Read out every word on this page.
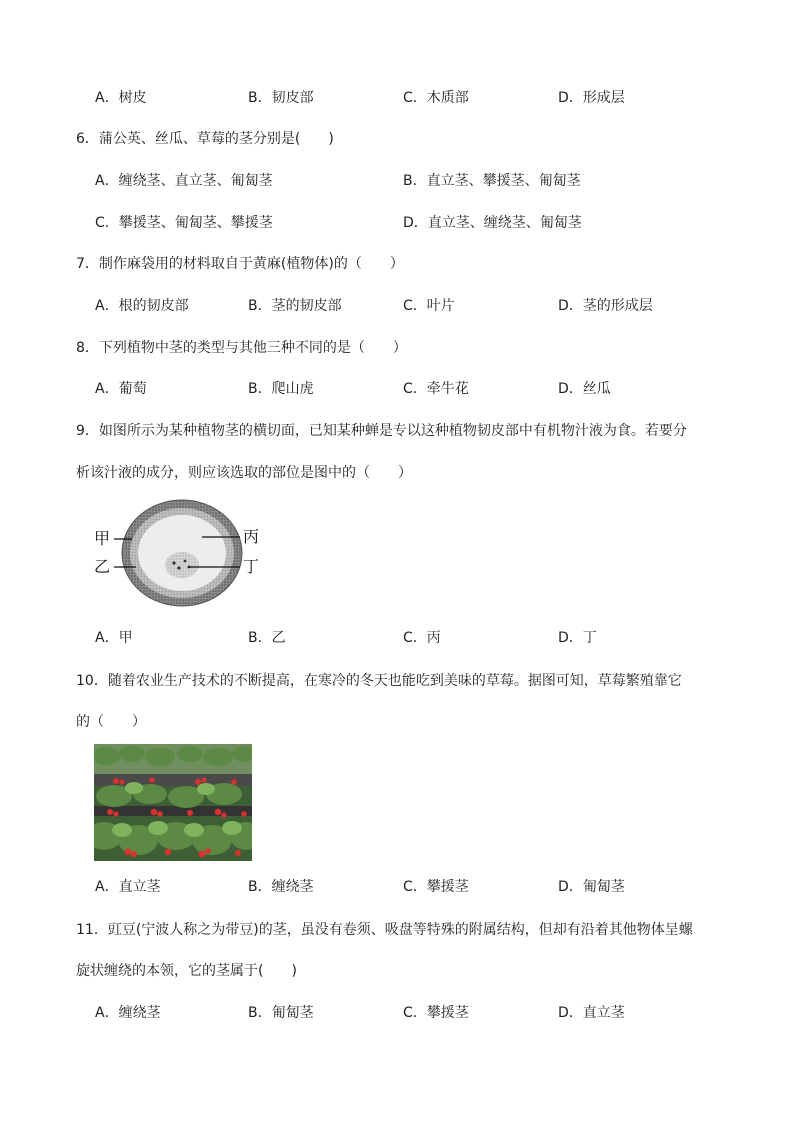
A．树皮	B．韧皮部	C．木质部	D．形成层
6．蒲公英、丝瓜、草莓的茎分别是(　　)
A．缠绕茎、直立茎、匍匐茎	B．直立茎、攀援茎、匍匐茎
C．攀援茎、匍匐茎、攀援茎	D．直立茎、缠绕茎、匍匐茎
7．制作麻袋用的材料取自于黄麻(植物体)的（　　）
A．根的韧皮部	B．茎的韧皮部	C．叶片	D．茎的形成层
8．下列植物中茎的类型与其他三种不同的是（　　）
A．葡萄	B．爬山虎	C．牵牛花	D．丝瓜
9．如图所示为某种植物茎的横切面，已知某种蝉是专以这种植物韧皮部中有机物汁液为食。若要分
析该汁液的成分，则应该选取的部位是图中的（　　）
甲
乙
丙
丁
A．甲	B．乙	C．丙	D．丁
10．随着农业生产技术的不断提高，在寒冷的冬天也能吃到美味的草莓。据图可知，草莓繁殖靠它
的（　　）
A．直立茎	B．缠绕茎	C．攀援茎	D．匍匐茎
11．豇豆(宁波人称之为带豆)的茎，虽没有卷须、吸盘等特殊的附属结构，但却有沿着其他物体呈螺
旋状缠绕的本领，它的茎属于(　　)
A．缠绕茎	B．匍匐茎	C．攀援茎	D．直立茎
